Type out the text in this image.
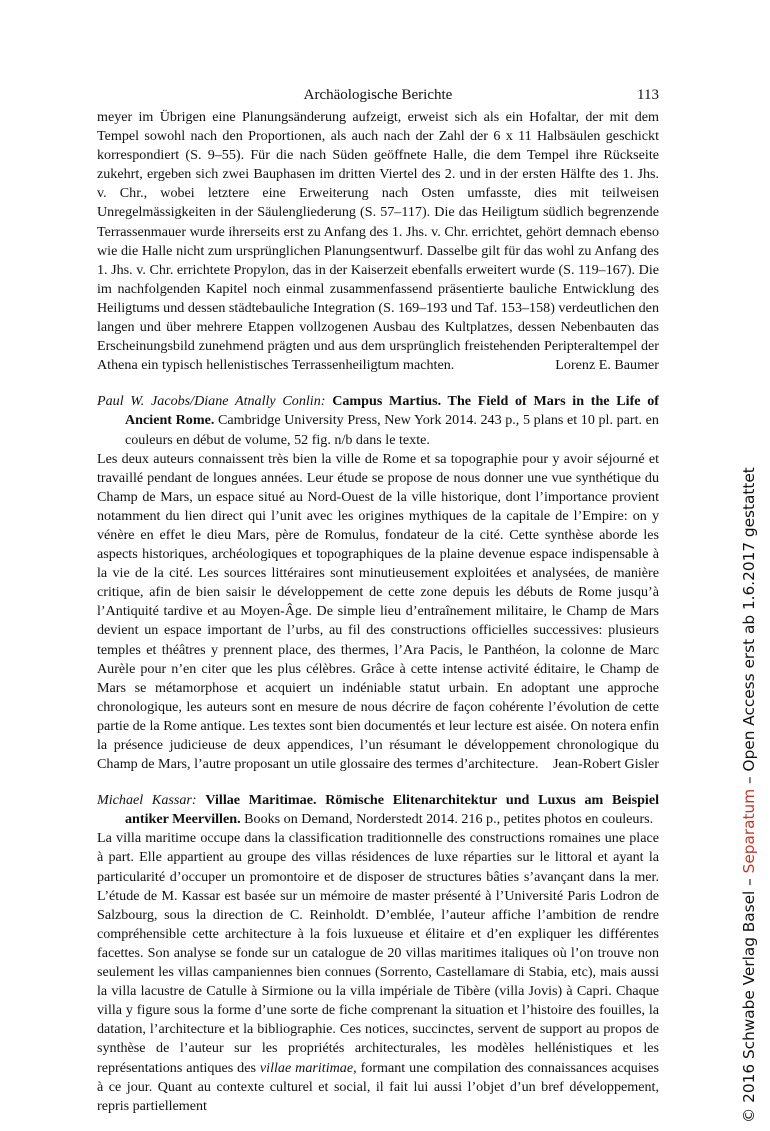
Archäologische Berichte	113

meyer im Übrigen eine Planungsänderung aufzeigt, erweist sich als ein Hofaltar, der mit dem Tempel sowohl nach den Proportionen, als auch nach der Zahl der 6 x 11 Halbsäulen geschickt korrespondiert (S. 9–55). Für die nach Süden geöffnete Halle, die dem Tempel ihre Rückseite zukehrt, ergeben sich zwei Bauphasen im dritten Viertel des 2. und in der ersten Hälfte des 1. Jhs. v. Chr., wobei letztere eine Erweiterung nach Osten umfasste, dies mit teilweisen Unregelmässigkeiten in der Säulengliederung (S. 57–117). Die das Heiligtum südlich begrenzende Terrassenmauer wurde ihrerseits erst zu Anfang des 1. Jhs. v. Chr. errichtet, gehört demnach ebenso wie die Halle nicht zum ursprünglichen Planungsentwurf. Dasselbe gilt für das wohl zu Anfang des 1. Jhs. v. Chr. errichtete Propylon, das in der Kaiserzeit ebenfalls erweitert wurde (S. 119–167). Die im nachfolgenden Kapitel noch einmal zusammenfassend präsentierte bauliche Entwicklung des Heiligtums und dessen städtebauliche Integration (S. 169–193 und Taf. 153–158) verdeutlichen den langen und über mehrere Etappen vollzogenen Ausbau des Kultplatzes, dessen Nebenbauten das Erscheinungsbild zunehmend prägten und aus dem ursprünglich freistehenden Peripteraltempel der Athena ein typisch hellenistisches Terrassenheiligtum machten.	Lorenz E. Baumer

Paul W. Jacobs/Diane Atnally Conlin: Campus Martius. The Field of Mars in the Life of Ancient Rome. Cambridge University Press, New York 2014. 243 p., 5 plans et 10 pl. part. en couleurs en début de volume, 52 fig. n/b dans le texte.

Les deux auteurs connaissent très bien la ville de Rome et sa topographie pour y avoir séjourné et travaillé pendant de longues années. Leur étude se propose de nous donner une vue synthétique du Champ de Mars, un espace situé au Nord-Ouest de la ville historique, dont l’importance provient notamment du lien direct qui l’unit avec les origines mythiques de la capitale de l’Empire: on y vénère en effet le dieu Mars, père de Romulus, fondateur de la cité. Cette synthèse aborde les aspects historiques, archéologiques et topographiques de la plaine devenue espace indispensable à la vie de la cité. Les sources littéraires sont minutieusement exploitées et analysées, de manière critique, afin de bien saisir le développement de cette zone depuis les débuts de Rome jusqu’à l’Antiquité tardive et au Moyen-Âge. De simple lieu d’entraînement militaire, le Champ de Mars devient un espace important de l’urbs, au fil des constructions officielles successives: plusieurs temples et théâtres y prennent place, des thermes, l’Ara Pacis, le Panthéon, la colonne de Marc Aurèle pour n’en citer que les plus célèbres. Grâce à cette intense activité éditaire, le Champ de Mars se métamorphose et acquiert un indéniable statut urbain. En adoptant une approche chronologique, les auteurs sont en mesure de nous décrire de façon cohérente l’évolution de cette partie de la Rome antique. Les textes sont bien documentés et leur lecture est aisée. On notera enfin la présence judicieuse de deux appendices, l’un résumant le développement chronologique du Champ de Mars, l’autre proposant un utile glossaire des termes d’architecture. Jean-Robert Gisler

Michael Kassar: Villae Maritimae. Römische Elitenarchitektur und Luxus am Beispiel antiker Meervillen. Books on Demand, Norderstedt 2014. 216 p., petites photos en couleurs.

La villa maritime occupe dans la classification traditionnelle des constructions romaines une place à part. Elle appartient au groupe des villas résidences de luxe réparties sur le littoral et ayant la particularité d’occuper un promontoire et de disposer de structures bâties s’avançant dans la mer. L’étude de M. Kassar est basée sur un mémoire de master présenté à l’Université Paris Lodron de Salzbourg, sous la direction de C. Reinholdt. D’emblée, l’auteur affiche l’ambition de rendre compréhensible cette architecture à la fois luxueuse et élitaire et d’en expliquer les différentes facettes. Son analyse se fonde sur un catalogue de 20 villas maritimes italiques où l’on trouve non seulement les villas campaniennes bien connues (Sorrento, Castellamare di Stabia, etc), mais aussi la villa lacustre de Catulle à Sirmione ou la villa impériale de Tibère (villa Jovis) à Capri. Chaque villa y figure sous la forme d’une sorte de fiche comprenant la situation et l’histoire des fouilles, la datation, l’architecture et la bibliographie. Ces notices, succinctes, servent de support au propos de synthèse de l’auteur sur les propriétés architecturales, les modèles hellénistiques et les représentations antiques des villae maritimae, formant une compilation des connaissances acquises à ce jour. Quant au contexte culturel et social, il fait lui aussi l’objet d’un bref développement, repris partiellement	© 2016 Schwabe Verlag Basel – Separatum – Open Access erst ab 1.6.2017 gestattet
